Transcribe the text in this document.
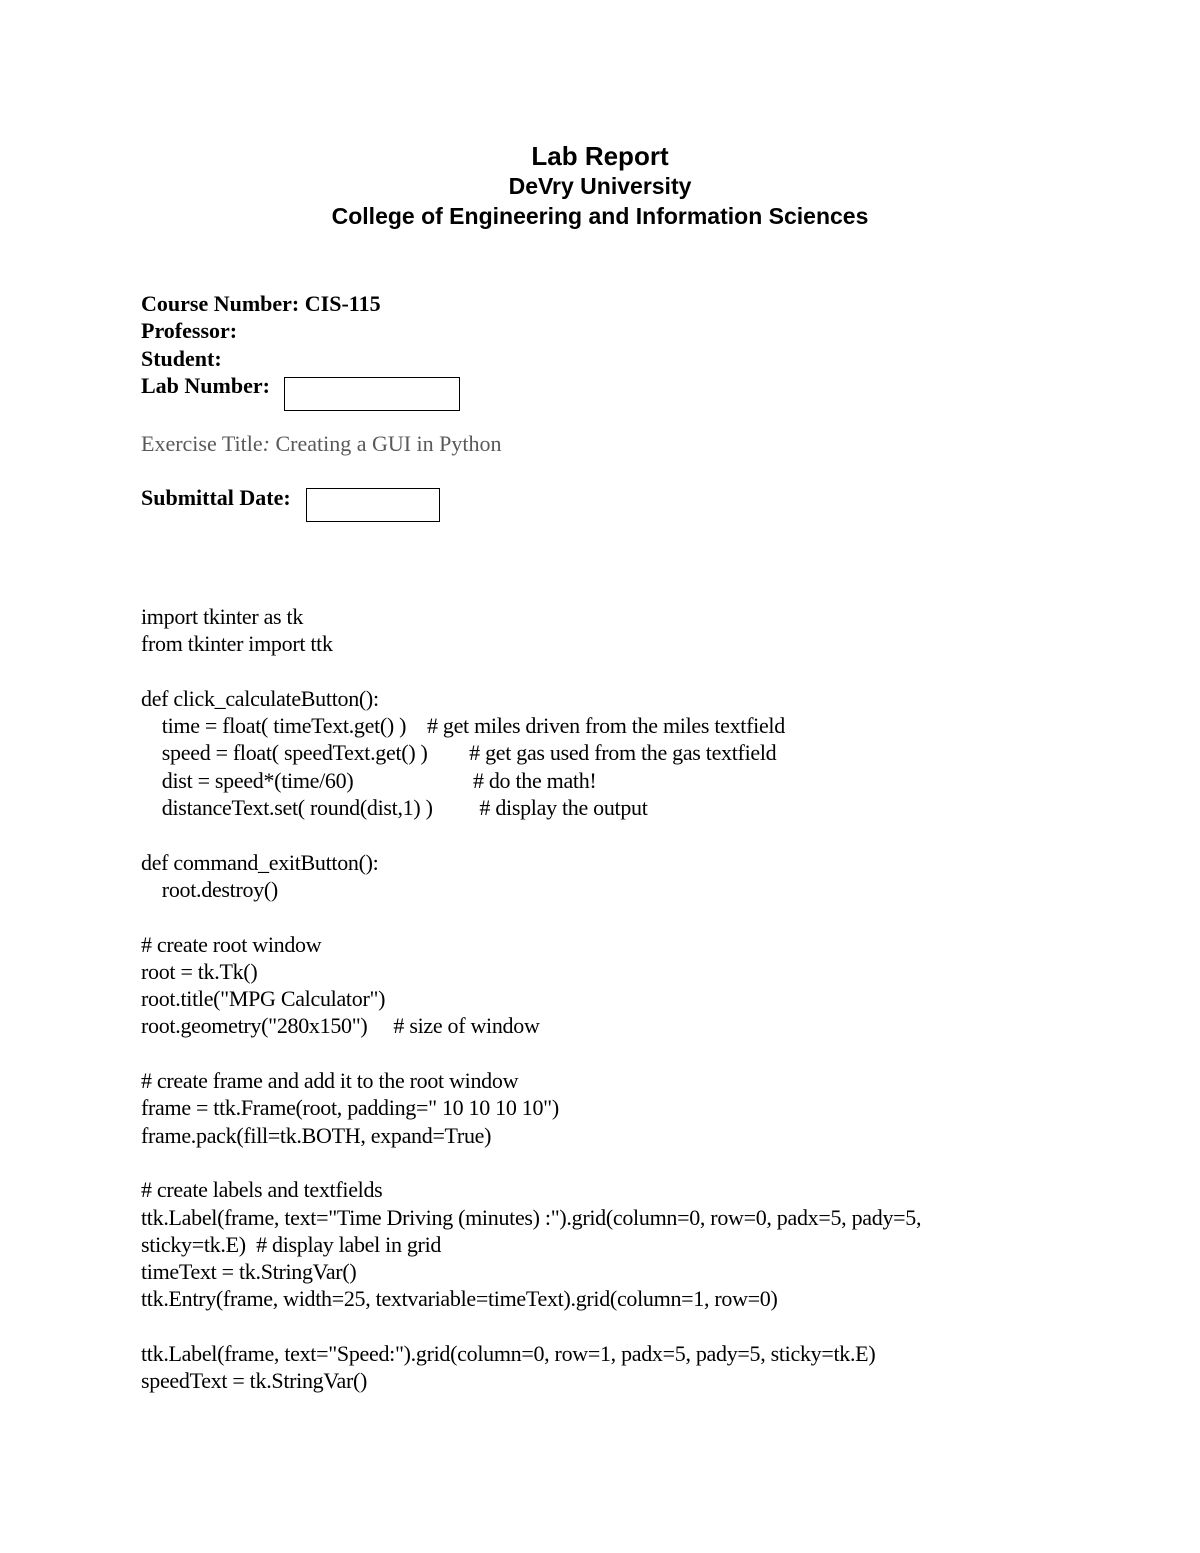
Lab Report
DeVry University
College of Engineering and Information Sciences
Course Number: CIS-115
Professor:
Student:
Lab Number:
Exercise Title: Creating a GUI in Python
Submittal Date:
import tkinter as tk
from tkinter import ttk

def click_calculateButton():
time = float( timeText.get() )    # get miles driven from the miles textfield
speed = float( speedText.get() )        # get gas used from the gas textfield
dist = speed*(time/60)                       # do the math!
distanceText.set( round(dist,1) )         # display the output

def command_exitButton():
root.destroy()

# create root window
root = tk.Tk()
root.title("MPG Calculator")
root.geometry("280x150")     # size of window

# create frame and add it to the root window
frame = ttk.Frame(root, padding=" 10 10 10 10")
frame.pack(fill=tk.BOTH, expand=True)

# create labels and textfields
ttk.Label(frame, text="Time Driving (minutes) :").grid(column=0, row=0, padx=5, pady=5,
sticky=tk.E)  # display label in grid
timeText = tk.StringVar()
ttk.Entry(frame, width=25, textvariable=timeText).grid(column=1, row=0)

ttk.Label(frame, text="Speed:").grid(column=0, row=1, padx=5, pady=5, sticky=tk.E)
speedText = tk.StringVar()
